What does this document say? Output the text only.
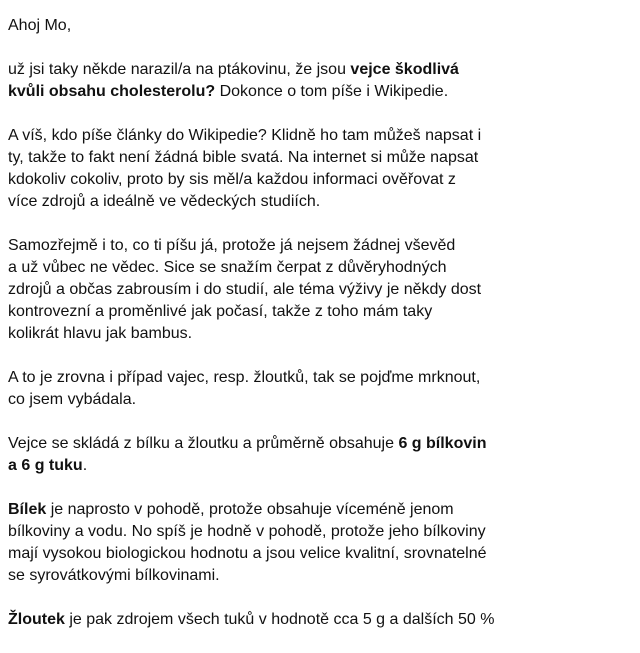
Ahoj Mo,

už jsi taky někde narazil/a na ptákovinu, že jsou vejce škodlivá
kvůli obsahu cholesterolu? Dokonce o tom píše i Wikipedie.

A víš, kdo píše články do Wikipedie? Klidně ho tam můžeš napsat i
ty, takže to fakt není žádná bible svatá. Na internet si může napsat
kdokoliv cokoliv, proto by sis měl/a každou informaci ověřovat z
více zdrojů a ideálně ve vědeckých studiích.

Samozřejmě i to, co ti píšu já, protože já nejsem žádnej vševěd
a už vůbec ne vědec. Sice se snažím čerpat z důvěryhodných
zdrojů a občas zabrousím i do studií, ale téma výživy je někdy dost
kontrovezní a proměnlivé jak počasí, takže z toho mám taky
kolikrát hlavu jak bambus.

A to je zrovna i případ vajec, resp. žloutků, tak se pojďme mrknout,
co jsem vybádala.

Vejce se skládá z bílku a žloutku a průměrně obsahuje 6 g bílkovin
a 6 g tuku.

Bílek je naprosto v pohodě, protože obsahuje víceméně jenom
bílkoviny a vodu. No spíš je hodně v pohodě, protože jeho bílkoviny
mají vysokou biologickou hodnotu a jsou velice kvalitní, srovnatelné
se syrovátkovými bílkovinami.

Žloutek je pak zdrojem všech tuků v hodnotě cca 5 g a dalších 50 %
